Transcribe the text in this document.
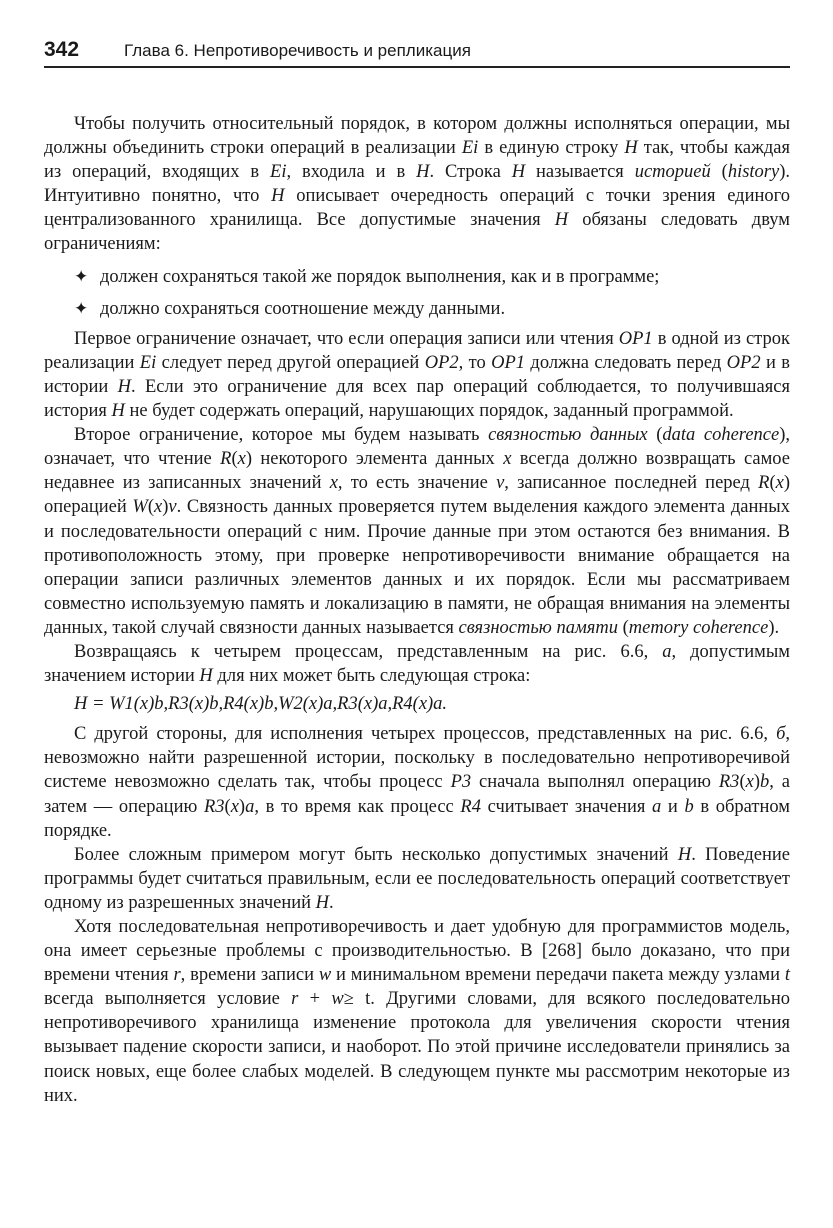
342	Глава 6. Непротиворечивость и репликация

Чтобы получить относительный порядок, в котором должны исполняться операции, мы должны объединить строки операций в реализации Ei в единую строку H так, чтобы каждая из операций, входящих в Ei, входила и в H. Строка H называется историей (history). Интуитивно понятно, что H описывает очередность операций с точки зрения единого централизованного хранилища. Все допустимые значения H обязаны следовать двум ограничениям:

✦ должен сохраняться такой же порядок выполнения, как и в программе;
✦ должно сохраняться соотношение между данными.

Первое ограничение означает, что если операция записи или чтения OP1 в одной из строк реализации Ei следует перед другой операцией OP2, то OP1 должна следовать перед OP2 и в истории H. Если это ограничение для всех пар операций соблюдается, то получившаяся история H не будет содержать операций, нарушающих порядок, заданный программой.

Второе ограничение, которое мы будем называть связностью данных (data coherence), означает, что чтение R(x) некоторого элемента данных x всегда должно возвращать самое недавнее из записанных значений x, то есть значение v, записанное последней перед R(x) операцией W(x)v. Связность данных проверяется путем выделения каждого элемента данных и последовательности операций с ним. Прочие данные при этом остаются без внимания. В противоположность этому, при проверке непротиворечивости внимание обращается на операции записи различных элементов данных и их порядок. Если мы рассматриваем совместно используемую память и локализацию в памяти, не обращая внимания на элементы данных, такой случай связности данных называется связностью памяти (memory coherence).

Возвращаясь к четырем процессам, представленным на рис. 6.6, а, допустимым значением истории H для них может быть следующая строка:

H = W1(x)b,R3(x)b,R4(x)b,W2(x)a,R3(x)a,R4(x)a.

С другой стороны, для исполнения четырех процессов, представленных на рис. 6.6, б, невозможно найти разрешенной истории, поскольку в последовательно непротиворечивой системе невозможно сделать так, чтобы процесс P3 сначала выполнял операцию R3(x)b, а затем — операцию R3(x)a, в то время как процесс R4 считывает значения a и b в обратном порядке.

Более сложным примером могут быть несколько допустимых значений H. Поведение программы будет считаться правильным, если ее последовательность операций соответствует одному из разрешенных значений H.

Хотя последовательная непротиворечивость и дает удобную для программистов модель, она имеет серьезные проблемы с производительностью. В [268] было доказано, что при времени чтения r, времени записи w и минимальном времени передачи пакета между узлами t всегда выполняется условие r + w≥ t. Другими словами, для всякого последовательно непротиворечивого хранилища изменение протокола для увеличения скорости чтения вызывает падение скорости записи, и наоборот. По этой причине исследователи принялись за поиск новых, еще более слабых моделей. В следующем пункте мы рассмотрим некоторые из них.
